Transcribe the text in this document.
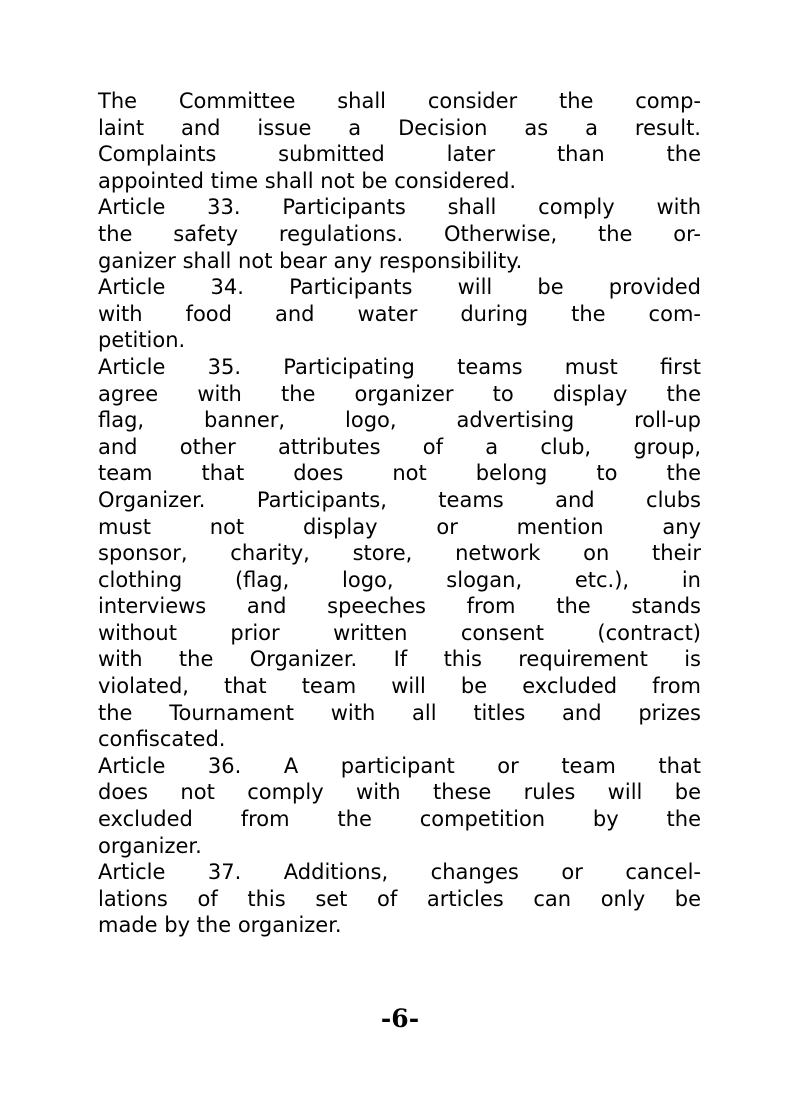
The Committee shall consider the comp-
laint and issue a Decision as a result.
Complaints submitted later than the
appointed time shall not be considered.
Article 33. Participants shall comply with
the safety regulations. Otherwise, the or-
ganizer shall not bear any responsibility.
Article 34. Participants will be provided
with food and water during the com-
petition.
Article 35. Participating teams must first
agree with the organizer to display the
flag, banner, logo, advertising roll-up
and other attributes of a club, group,
team that does not belong to the
Organizer. Participants, teams and clubs
must not display or mention any
sponsor, charity, store, network on their
clothing (flag, logo, slogan, etc.), in
interviews and speeches from the stands
without prior written consent (contract)
with the Organizer. If this requirement is
violated, that team will be excluded from
the Tournament with all titles and prizes
confiscated.
Article 36. A participant or team that
does not comply with these rules will be
excluded from the competition by the
organizer.
Article 37. Additions, changes or cancel-
lations of this set of articles can only be
made by the organizer.
-6-
